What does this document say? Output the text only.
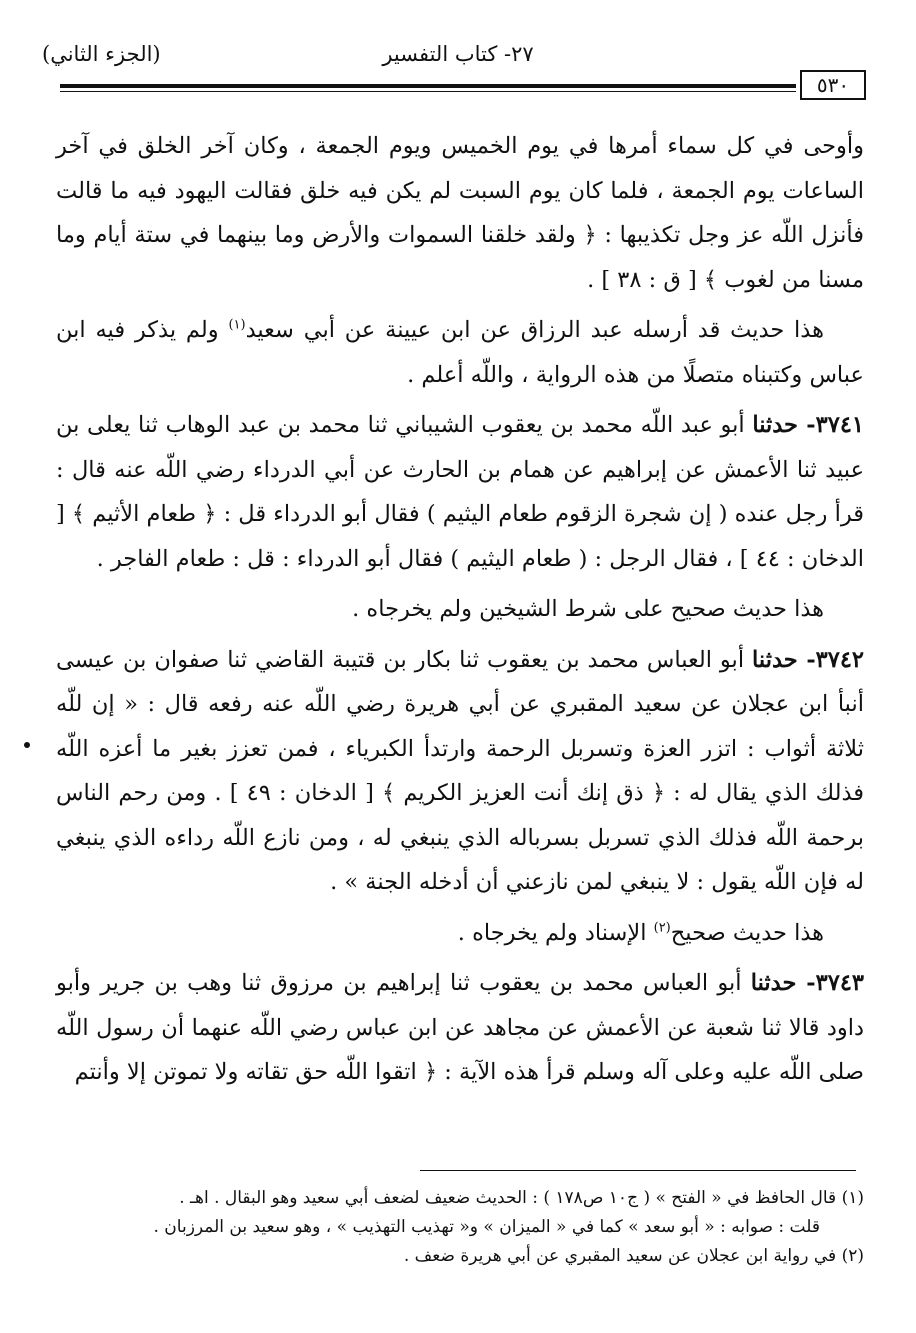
٢٧- كتاب التفسير
(الجزء الثاني)
٥٣٠

وأوحى في كل سماء أمرها في يوم الخميس ويوم الجمعة ، وكان آخر الخلق في آخر الساعات يوم الجمعة ، فلما كان يوم السبت لم يكن فيه خلق فقالت اليهود فيه ما قالت فأنزل اللّه عز وجل تكذيبها : ﴿ ولقد خلقنا السموات والأرض وما بينهما في ستة أيام وما مسنا من لغوب ﴾ [ ق : ٣٨ ] .

هذا حديث قد أرسله عبد الرزاق عن ابن عيينة عن أبي سعيد$^{(١)}$ ولم يذكر فيه ابن عباس وكتبناه متصلًا من هذه الرواية ، واللّه أعلم .

٣٧٤١- حدثنا أبو عبد اللّه محمد بن يعقوب الشيباني ثنا محمد بن عبد الوهاب ثنا يعلى بن عبيد ثنا الأعمش عن إبراهيم عن همام بن الحارث عن أبي الدرداء رضي اللّه عنه قال : قرأ رجل عنده ( إن شجرة الزقوم طعام اليثيم ) فقال أبو الدرداء قل : ﴿ طعام الأثيم ﴾ [ الدخان : ٤٤ ] ، فقال الرجل : ( طعام اليثيم ) فقال أبو الدرداء : قل : طعام الفاجر .

هذا حديث صحيح على شرط الشيخين ولم يخرجاه .

٣٧٤٢- حدثنا أبو العباس محمد بن يعقوب ثنا بكار بن قتيبة القاضي ثنا صفوان بن عيسى أنبأ ابن عجلان عن سعيد المقبري عن أبي هريرة رضي اللّه عنه رفعه قال : « إن للّه ثلاثة أثواب : اتزر العزة وتسربل الرحمة وارتدأ الكبرياء ، فمن تعزز بغير ما أعزه اللّه فذلك الذي يقال له : ﴿ ذق إنك أنت العزيز الكريم ﴾ [ الدخان : ٤٩ ] . ومن رحم الناس برحمة اللّه فذلك الذي تسربل بسرباله الذي ينبغي له ، ومن نازع اللّه رداءه الذي ينبغي له فإن اللّه يقول : لا ينبغي لمن نازعني أن أدخله الجنة » .

هذا حديث صحيح$^{(٢)}$ الإسناد ولم يخرجاه .

٣٧٤٣- حدثنا أبو العباس محمد بن يعقوب ثنا إبراهيم بن مرزوق ثنا وهب بن جرير وأبو داود قالا ثنا شعبة عن الأعمش عن مجاهد عن ابن عباس رضي اللّه عنهما أن رسول اللّه صلى اللّه عليه وعلى آله وسلم قرأ هذه الآية : ﴿ اتقوا اللّه حق تقاته ولا تموتن إلا وأنتم

(١) قال الحافظ في « الفتح » ( ج١٠ ص١٧٨ ) : الحديث ضعيف لضعف أبي سعيد وهو البقال . اهـ .

قلت : صوابه : « أبو سعد » كما في « الميزان » و« تهذيب التهذيب » ، وهو سعيد بن المرزبان .

(٢) في رواية ابن عجلان عن سعيد المقبري عن أبي هريرة ضعف .
